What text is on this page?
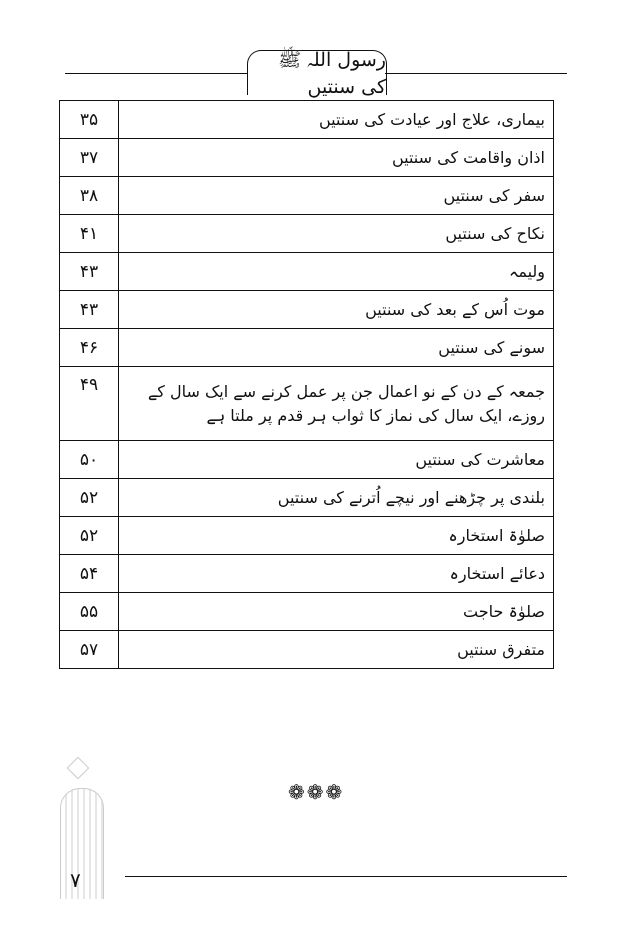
رسول اللہ ﷺ کی سنتیں
بیماری، علاج اور عیادت کی سنتیں	۳۵
اذان واقامت کی سنتیں	۳۷
سفر کی سنتیں	۳۸
نکاح کی سنتیں	۴۱
ولیمہ	۴۳
موت اُس کے بعد کی سنتیں	۴۳
سونے کی سنتیں	۴۶
جمعہ کے دن کے نو اعمال جن پر عمل کرنے سے ایک سال کے روزے، ایک سال کی نماز کا ثواب ہر قدم پر ملتا ہے	۴۹
معاشرت کی سنتیں	۵۰
بلندی پر چڑھنے اور نیچے اُترنے کی سنتیں	۵۲
صلوٰۃ استخارہ	۵۲
دعائے استخارہ	۵۴
صلوٰۃ حاجت	۵۵
متفرق سنتیں	۵۷
❁❁❁
۷
